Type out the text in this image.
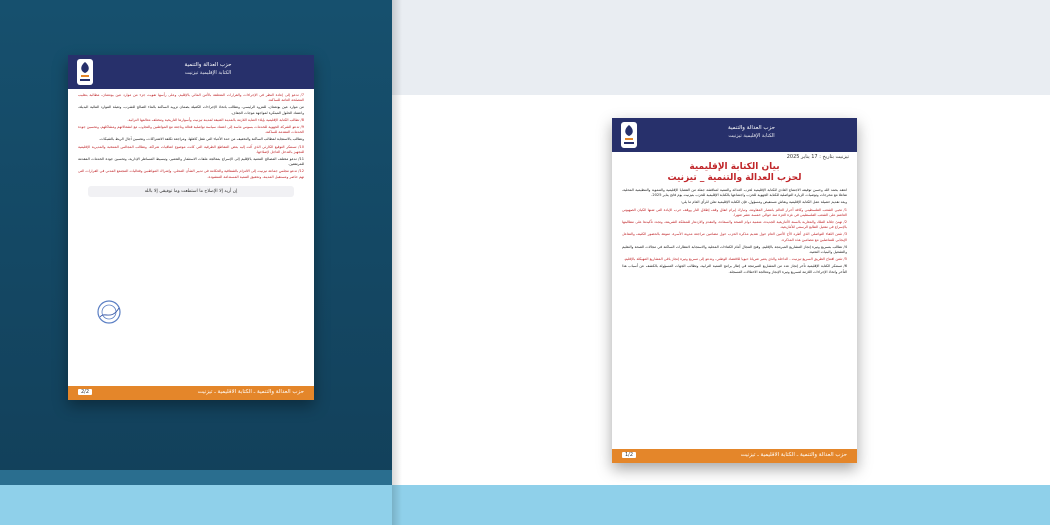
حزب العدالة والتنمية
الكتابة الإقليمية تيزنيت

7/ تدعو إلى إعادة النظر في الإجراءات والقرارات المتعلقة بالأمن المائي بالإقليم، وعلى رأسها تفويت جزء من موارد عين بونعمان، مطالبة بتغليب المصلحة العامة للساكنة.

من موارد عين بونعمان، للمزود الرئيسي، وتطالب باتخاذ الإجراءات الكفيلة بضمان تزويد الساكنة بالماء الصالح للشرب، وتعبئة الموارد المائية البديلة، واعتماد الحلول المبتكرة لمواجهة موجات الجفاف.

8/ تطالب الكتابة الإقليمية بإيلاء العناية اللازمة بالمدينة العتيقة لمدينة تيزنيت وأسوارها التاريخية ومختلف معالمها التراثية.

9/ تدعو الشركة الجهوية للخدمات بسوس ماسة إلى اعتماد سياسة تواصلية فعالة وناجعة مع المواطنين والتجاوب مع انشغالاتهم ومشاكلهم، وتحسين جودة الخدمات المقدمة للساكنة.

وتطالب بالاستجابة لمطالب الساكنة والتخفيف من حدة الأعباء التي تثقل كاهلها، ومراجعة تكلفة الاشتراكات، وتحسين آجال الربط بالشبكات.

10/ تستنكر التوقيع الكارثي الذي آلت إليه بعض المقاطع الطرقية التي كانت موضوع اتفاقيات شراكة، وتطالب المجالس المنتخبة والمديرية الإقليمية للتجهيز بالتدخل العاجل لإصلاحها.

11/ تدعو مختلف المصالح المعنية بالإقليم إلى الإسراع بمعالجة ملفات الاستثمار والتعمير، وتبسيط المساطر الإدارية، وتحسين جودة الخدمات المقدمة للمرتفقين.

12/ تدعو مجلس جماعة تيزنيت إلى الالتزام بالشفافية والحكامة في تدبير الشأن المحلي، وإشراك المواطنين وفعاليات المجتمع المدني في القرارات التي تهم حاضر ومستقبل المدينة، وتحقيق التنمية المستدامة المنشودة.

إن أريد إلا الإصلاح ما استطعت وما توفيقي إلا بالله
حزب العدالة والتنمية ـ الكتابة الاقليمية ـ تيزنيت
2/2
حزب العدالة والتنمية
الكتابة الإقليمية تيزنيت
تيزنيت بتاريخ : 17 يناير 2025
بيان الكتابة الإقليمية
لحزب العدالة والتنمية _ تيزنيت

انعقد بحمد الله وحسن توفيقه الاجتماع العادي للكتابة الإقليمية لحزب العدالة والتنمية لمناقشة جملة من القضايا الإقليمية والتنموية والتنظيمية المحلية، تفاعلا مع مخرجات وتوصيات الزيارة التواصلية للكتابة الجهوية للحزب واجتماعها بالكتابة الإقليمية للحزب بتيزنيت يوم فاتح يناير 2025.

وبعد تقديم حصيلة عمل الكتابة الإقليمية ونقاش مستفيض ومسؤول، فإن الكتابة الإقليمية تعلن للرأي العام ما يلي:

1/ تحيي الشعب الفلسطيني وكافة أحرار العالم بانتصار المقاومة، وتبارك إبرام اتفاق وقف إطلاق النار ووقف حرب الإبادة التي شنها الكيان الصهيوني الغاشم على الشعب الفلسطيني في غزة العزة منذ حوالي خمسة عشر شهرا.

2/ تهنئ جلالة الملك والمغاربة بالسنة الأمازيغية الجديدة، متمنية دوام الصحة والسعادة، والتقدم والازدهار للمملكة الشريفة، وتجدد تأكيدها على مطالبتها بالإسراع في تفعيل الطابع الرسمي للأمازيغية.

3/ تثمن اللقاء التواصلي الذي أطره الأخ الأمين العام حول تقديم مذكرة الحزب حول مضامين مراجعة مدونة الأسرة، منوهة بالحضور الكثيف والتفاعل الإيجابي للمناضلين مع مضامين هذه المذكرة.

4/ تطالب بتسريع وتيرة إنجاز المشاريع المبرمجة بالإقليم، وفتح المجال أمام الكفاءات المحلية والاستجابة لانتظارات الساكنة في مجالات الصحة والتعليم والتشغيل والبنيات التحتية.

5/ تثمن افتتاح الطريق السريع تيزنيت - الداخلة والذي يعتبر شريانا حيويا للاقتصاد الوطني، وتدعو إلى تسريع وتيرة إنجاز باقي المشاريع المهيكلة بالإقليم.

6/ تستنكر الكتابة الإقليمية تأخر إنجاز عدد من المشاريع المبرمجة في إطار برامج التنمية الترابية، وتطالب الجهات المسؤولة بالكشف عن أسباب هذا التأخر واتخاذ الإجراءات اللازمة لتسريع وتيرة الإنجاز ومعالجة الاختلالات المسجلة.

حزب العدالة والتنمية ـ الكتابة الاقليمية ـ تيزنيت
1/2
